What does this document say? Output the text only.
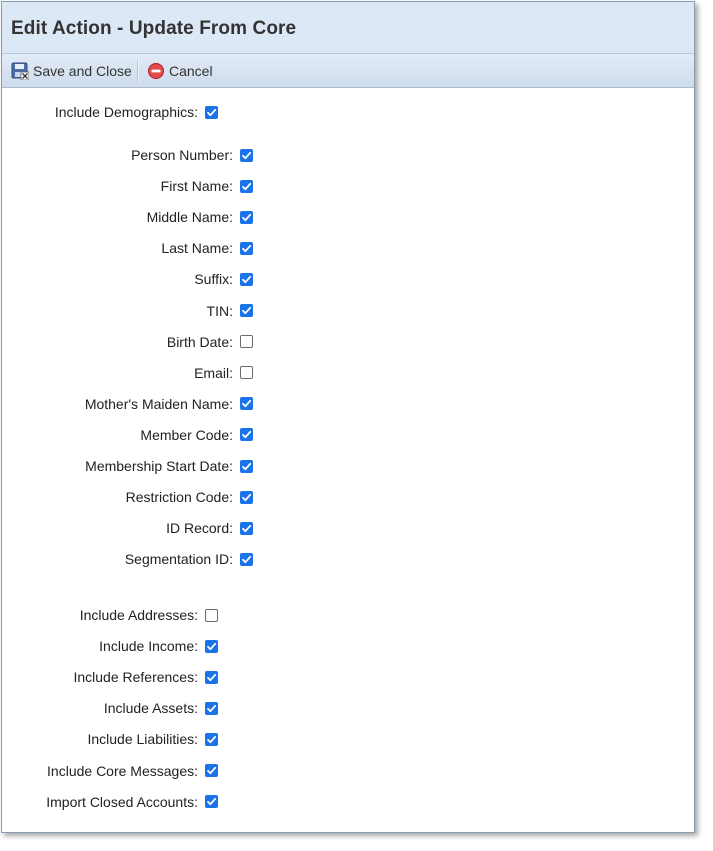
Edit Action - Update From Core
Save and Close	Cancel
Include Demographics:
Person Number:
First Name:
Middle Name:
Last Name:
Suffix:
TIN:
Birth Date:
Email:
Mother's Maiden Name:
Member Code:
Membership Start Date:
Restriction Code:
ID Record:
Segmentation ID:
Include Addresses:
Include Income:
Include References:
Include Assets:
Include Liabilities:
Include Core Messages:
Import Closed Accounts:
